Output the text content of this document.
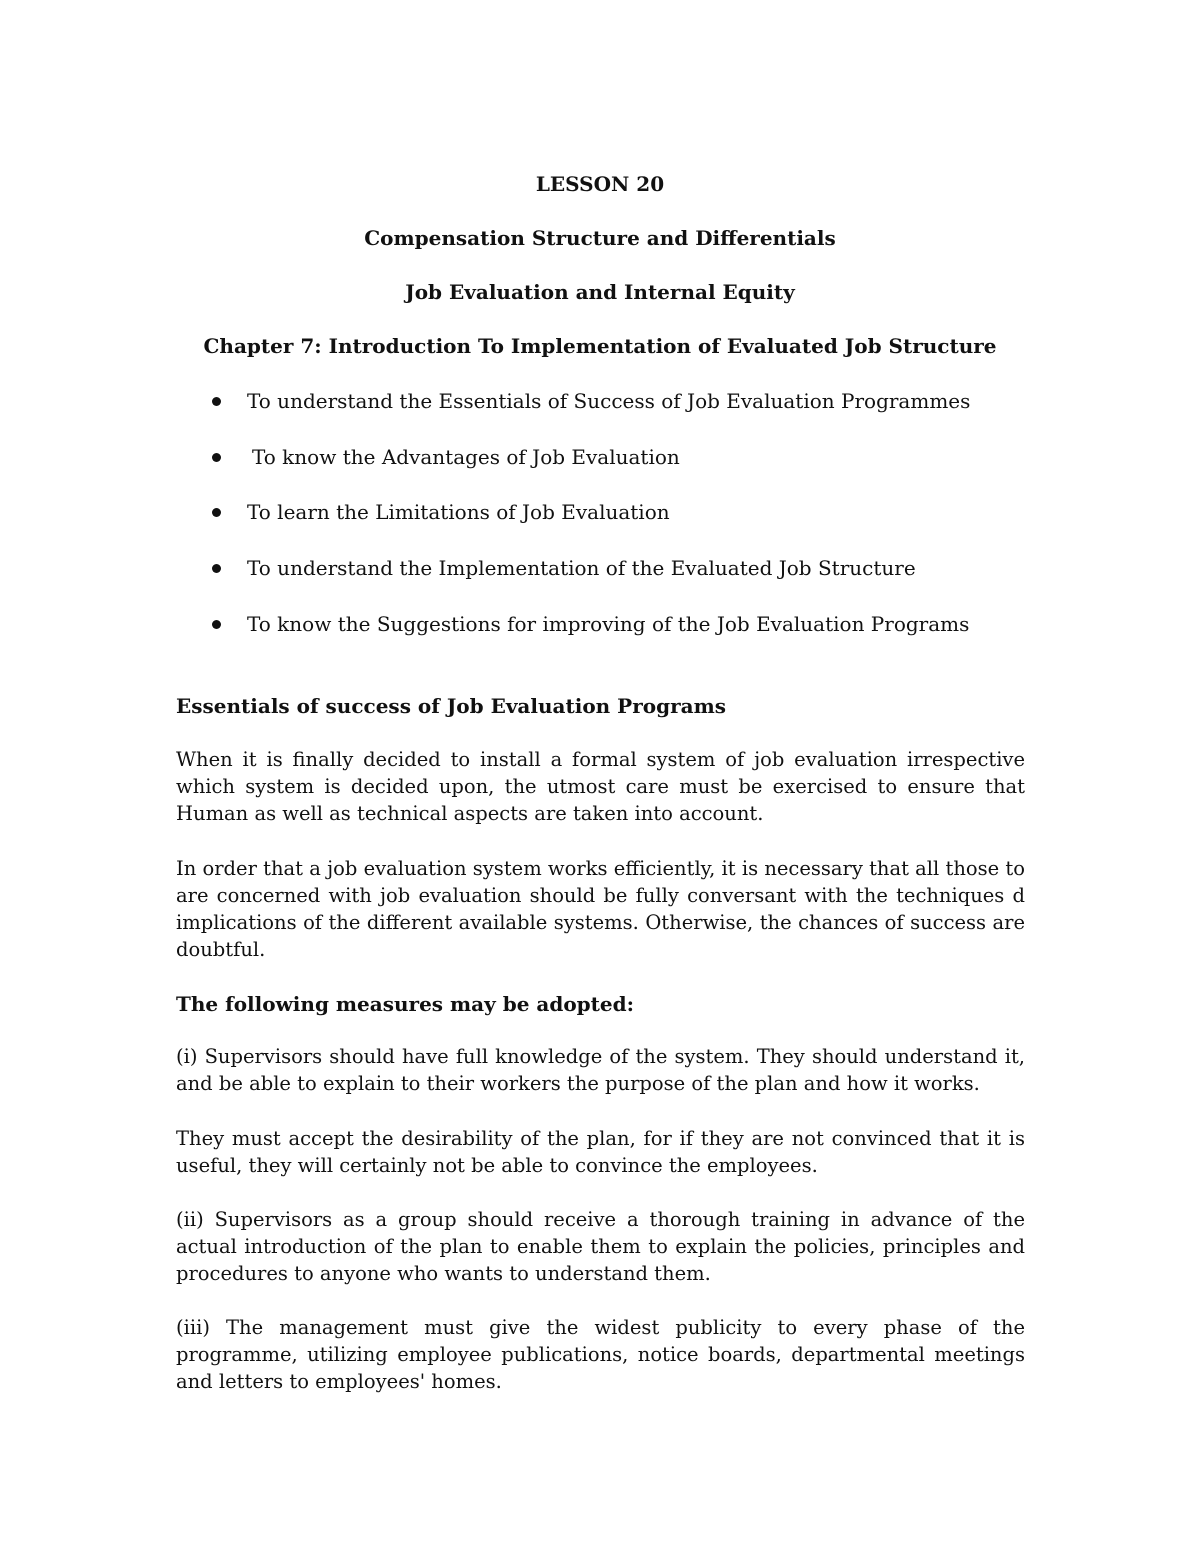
LESSON 20
Compensation Structure and Differentials
Job Evaluation and Internal Equity
Chapter 7: Introduction To Implementation of Evaluated Job Structure
To understand the Essentials of Success of Job Evaluation Programmes
To know the Advantages of Job Evaluation
To learn the Limitations of Job Evaluation
To understand the Implementation of the Evaluated Job Structure
To know the Suggestions for improving of the Job Evaluation Programs
Essentials of success of Job Evaluation Programs

When it is finally decided to install a formal system of job evaluation irrespective which system is decided upon, the utmost care must be exercised to ensure that Human as well as technical aspects are taken into account.

In order that a job evaluation system works efficiently, it is necessary that all those to are concerned with job evaluation should be fully conversant with the techniques d implications of the different available systems. Otherwise, the chances of success are doubtful.

The following measures may be adopted:

(i) Supervisors should have full knowledge of the system. They should understand it, and be able to explain to their workers the purpose of the plan and how it works.

They must accept the desirability of the plan, for if they are not convinced that it is useful, they will certainly not be able to convince the employees.

(ii) Supervisors as a group should receive a thorough training in advance of the actual introduction of the plan to enable them to explain the policies, principles and procedures to anyone who wants to understand them.

(iii) The management must give the widest publicity to every phase of the programme, utilizing employee publications, notice boards, departmental meetings and letters to employees' homes.
